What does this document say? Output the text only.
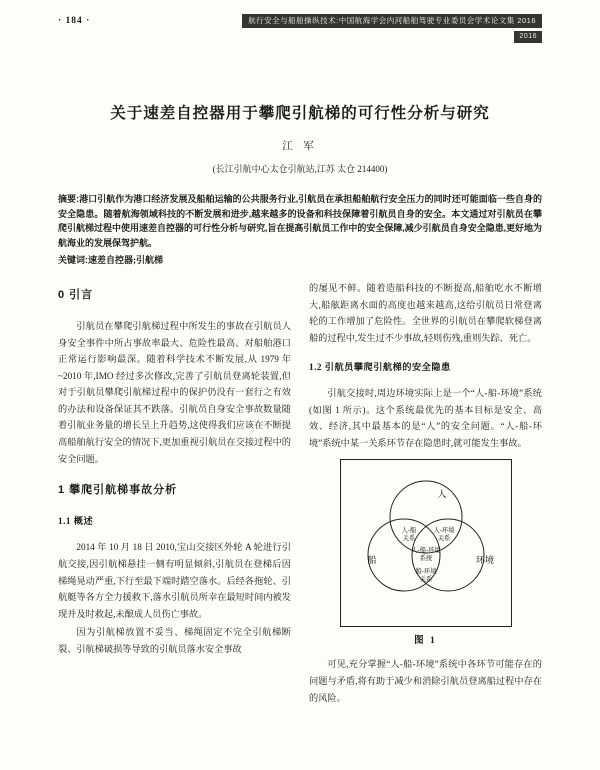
· 184 ·	航行安全与船舶操纵技术:中国航海学会内河船舶驾驶专业委员会学术论文集 2016
2016
关于速差自控器用于攀爬引航梯的可行性分析与研究
江 军
(长江引航中心太仓引航站,江苏 太仓 214400)

摘要:港口引航作为港口经济发展及船舶运输的公共服务行业,引航员在承担船舶航行安全压力的同时还可能面临一些自身的安全隐患。随着航海领域科技的不断发展和进步,越来越多的设备和科技保障着引航员自身的安全。本文通过对引航员在攀爬引航梯过程中使用速差自控器的可行性分析与研究,旨在提高引航员工作中的安全保障,减少引航员自身安全隐患,更好地为航海业的发展保驾护航。

关键词:速差自控器;引航梯

0 引言

引航员在攀爬引航梯过程中所发生的事故在引航员人身安全事件中所占事故率最大、危险性最高、对船舶港口正常运行影响最深。随着科学技术不断发展,从 1979 年~2010 年,IMO 经过多次修改,完善了引航员登离轮装置,但对于引航员攀爬引航梯过程中的保护仍没有一套行之有效的办法和设备保证其不跌落。引航员自身安全事故数量随着引航业务量的增长呈上升趋势,这使得我们应该在不断提高船舶航行安全的情况下,更加重视引航员在交接过程中的安全问题。

1 攀爬引航梯事故分析
1.1 概述

2014 年 10 月 18 日 2010,宝山交接区外轮 A 轮进行引航交接,因引航梯悬挂一侧有明显倾斜,引航员在登梯后因梯绳晃动严重,下行至最下端时踏空落水。后经各拖轮、引航艇等各方全力援救下,落水引航员所幸在最短时间内被发现并及时救起,未酿成人员伤亡事故。

因为引航梯放置不妥当、梯绳固定不完全引航梯断裂、引航梯破损等导致的引航员落水安全事故

的屡见不鲜。随着造船科技的不断提高,船舶吃水不断增大,船舷距离水面的高度也越来越高,这给引航员日常登离轮的工作增加了危险性。全世界的引航员在攀爬软梯登离船的过程中,发生过不少事故,轻则伤残,重则失踪、死亡。

1.2 引航员攀爬引航梯的安全隐患

引航交接时,周边环境实际上是一个“人-船-环境”系统(如图 1 所示)。这个系统最优先的基本目标是安全、高效、经济,其中最基本的是“人”的安全问题。“人-船-环境”系统中某一关系环节存在隐患时,就可能发生事故。

人
船	环境
人-船
关系
人-环境
关系
人-船-环境
系统
船-环境
关系
图 1

可见,充分掌握“人-船-环境”系统中各环节可能存在的问题与矛盾,将有助于减少和消除引航员登离船过程中存在的风险。
